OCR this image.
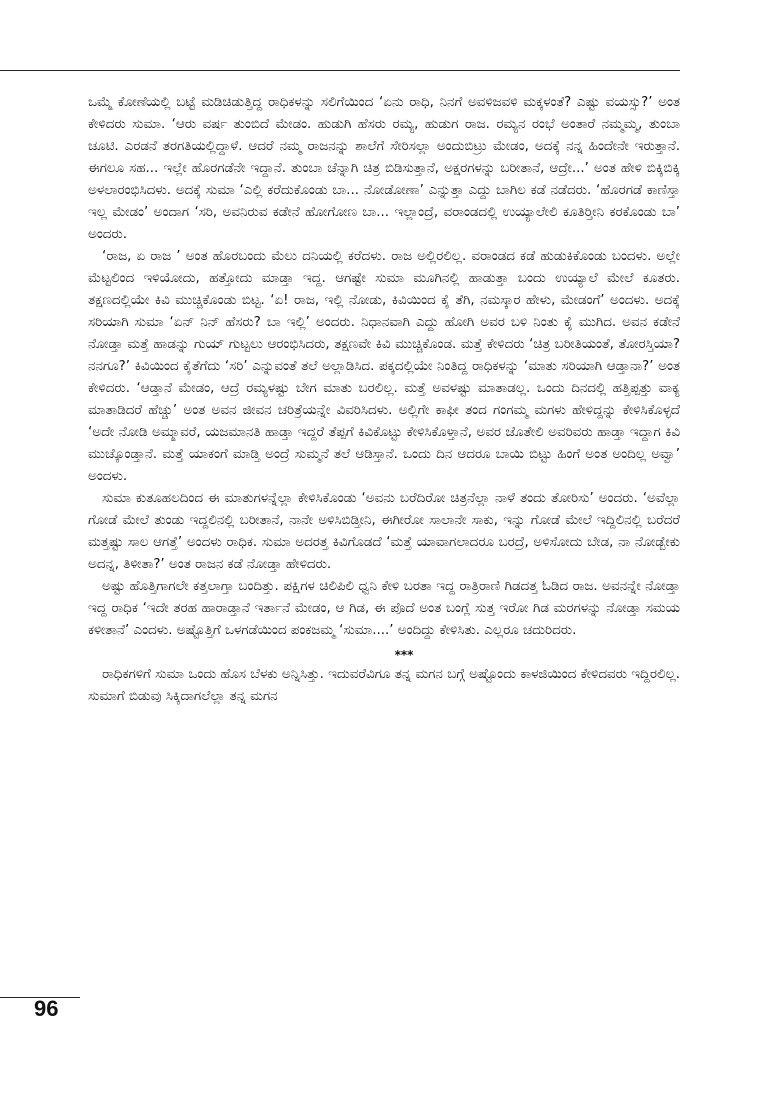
ಒಮ್ಮೆ ಕೋಣೆಯಲ್ಲಿ ಬಟ್ಟೆ ಮಡಿಚಿಡುತ್ತಿದ್ದ ರಾಧಿಕಳನ್ನು ಸಲಿಗೆಯಿಂದ ‘ಏನು ರಾಧಿ, ನಿನಗೆ ಅವಳಿಜವಳಿ ಮಕ್ಕಳಂತೆ? ಎಷ್ಟು ವಯಸ್ಸು?’ ಅಂತ ಕೇಳಿದರು ಸುಮಾ. ‘ಆರು ವರ್ಷ ತುಂಬಿದೆ ಮೇಡಂ. ಹುಡುಗಿ ಹೆಸರು ರಮ್ಯ, ಹುಡುಗ ರಾಜ. ರಮ್ಯನ ರಂಭೆ ಅಂತಾರೆ ನಮ್ಮಮ್ಮ, ತುಂಬಾ ಚೂಟಿ. ಎರಡನೆ ತರಗತಿಯಲ್ಲಿದ್ದಾಳೆ. ಆದರೆ ನಮ್ಮ ರಾಜನನ್ನು ಶಾಲೆಗೆ ಸೇರಿಸಲ್ಲಾ ಅಂದುಬಿಟ್ರು ಮೇಡಂ, ಅದಕ್ಕೆ ನನ್ನ ಹಿಂದೇನೇ ಇರುತ್ತಾನೆ. ಈಗಲೂ ಸಹ... ಇಲ್ಲೇ ಹೊರಗಡೆನೇ ಇದ್ದಾನೆ. ತುಂಬಾ ಚೆನ್ನಾಗಿ ಚಿತ್ರ ಬಿಡಿಸುತ್ತಾನೆ, ಅಕ್ಷರಗಳನ್ನು ಬರೀತಾನೆ, ಆದ್ರೇ...’ ಅಂತ ಹೇಳಿ ಬಿಕ್ಕಿಬಿಕ್ಕಿ ಅಳಲಾರಂಭಿಸಿದಳು. ಅದಕ್ಕೆ ಸುಮಾ ‘ಎಲ್ಲಿ ಕರೆದುಕೊಂಡು ಬಾ... ನೋಡೋಣಾ’ ಎನ್ನುತ್ತಾ ಎದ್ದು ಬಾಗಿಲ ಕಡೆ ನಡೆದರು. ‘ಹೊರಗಡೆ ಕಾಣಿಸ್ತಾ ಇಲ್ಲ ಮೇಡಂ’ ಅಂದಾಗ ‘ಸರಿ, ಅವನಿರುವ ಕಡೇನೆ ಹೋಗೋಣ ಬಾ... ಇಲ್ಲಾಂದ್ರೆ, ವರಾಂಡದಲ್ಲಿ ಉಯ್ಯಾಲೇಲಿ ಕೂತಿರ್‍ತೀನಿ ಕರಕೊಂಡು ಬಾ’ ಅಂದರು.

‘ರಾಜ, ಏ ರಾಜ ’ ಅಂತ ಹೊರಬಂದು ಮೆಲು ದನಿಯಲ್ಲಿ ಕರೆದಳು. ರಾಜ ಅಲ್ಲಿರಲಿಲ್ಲ. ವರಾಂಡದ ಕಡೆ ಹುಡುಕಿಕೊಂಡು ಬಂದಳು. ಅಲ್ಲೇ ಮೆಟ್ಟಲಿಂದ ಇಳಿಯೋದು, ಹತ್ತೋದು ಮಾಡ್ತಾ ಇದ್ದ. ಆಗಷ್ಟೇ ಸುಮಾ ಮೂಗಿನಲ್ಲಿ ಹಾಡುತ್ತಾ ಬಂದು ಉಯ್ಯಾಲೆ ಮೇಲೆ ಕೂತರು. ತಕ್ಷಣದಲ್ಲಿಯೇ ಕಿವಿ ಮುಚ್ಚಿಕೊಂಡು ಬಿಟ್ಟ. ‘ಏ! ರಾಜ, ಇಲ್ಲಿ ನೋಡು, ಕಿವಿಯಿಂದ ಕೈ ತೆಗಿ, ನಮಸ್ಕಾರ ಹೇಳು, ಮೇಡಂಗೆ’ ಅಂದಳು. ಅದಕ್ಕೆ ಸರಿಯಾಗಿ ಸುಮಾ ‘ಏನ್ ನಿನ್ ಹೆಸರು? ಬಾ ಇಲ್ಲಿ’ ಅಂದರು. ನಿಧಾನವಾಗಿ ಎದ್ದು ಹೋಗಿ ಅವರ ಬಳಿ ನಿಂತು ಕೈ ಮುಗಿದ. ಅವನ ಕಡೇನೆ ನೋಡ್ತಾ ಮತ್ತೆ ಹಾಡನ್ನು ಗುಯ್ ಗುಟ್ಟಲು ಆರಂಭಿಸಿದರು, ತಕ್ಷಣವೇ ಕಿವಿ ಮುಚ್ಚಿಕೊಂಡ. ಮತ್ತೆ ಕೇಳಿದರು ‘ಚಿತ್ರ ಬರೀತಿಯಂತೆ, ತೋರಸ್ತಿಯಾ? ನನಗೂ?’ ಕಿವಿಯಿಂದ ಕೈತೆಗೆದು ‘ಸರಿ’ ಎನ್ನುವಂತೆ ತಲೆ ಅಲ್ಲಾಡಿಸಿದ. ಪಕ್ಕದಲ್ಲಿಯೇ ನಿಂತಿದ್ದ ರಾಧಿಕಳನ್ನು ‘ಮಾತು ಸರಿಯಾಗಿ ಆಡ್ತಾನಾ?’ ಅಂತ ಕೇಳಿದರು. ‘ಆಡ್ತಾನೆ ಮೇಡಂ, ಆದ್ರೆ ರಮ್ಯಳಷ್ಟು ಬೇಗ ಮಾತು ಬರಲಿಲ್ಲ. ಮತ್ತೆ ಅವಳಷ್ಟು ಮಾತಾಡಲ್ಲ. ಒಂದು ದಿನದಲ್ಲಿ ಹತ್ತಿಪ್ಪತ್ತು ವಾಕ್ಯ ಮಾತಾಡಿದರೆ ಹೆಚ್ಚು’ ಅಂತ ಅವನ ಜೀವನ ಚರಿತ್ರೆಯನ್ನೇ ವಿವರಿಸಿದಳು. ಅಲ್ಲಿಗೇ ಕಾಫೀ ತಂದ ಗಂಗಮ್ಮ ಮಗಳು ಹೇಳಿದ್ದನ್ನು ಕೇಳಿಸಿಕೊಳ್ಳದೆ ‘ಅದೇ ನೋಡಿ ಅಮ್ಮಾವರೆ, ಯಜಮಾನತಿ ಹಾಡ್ತಾ ಇದ್ದರೆ ತೆಪ್ಪಗೆ ಕಿವಿಕೊಟ್ಟು ಕೇಳಿಸಿಕೊಳ್ತಾನೆ, ಅವರ ಜೊತೇಲಿ ಅವರಿವರು ಹಾಡ್ತಾ ಇದ್ದಾಗ ಕಿವಿ ಮುಚ್ಕೊಂಡ್ತಾನೆ. ಮತ್ತೆ ಯಾಕಂಗೆ ಮಾಡ್ತಿ ಅಂದ್ರೆ ಸುಮ್ಮನೆ ತಲೆ ಆಡಿಸ್ತಾನೆ. ಒಂದು ದಿನ ಆದರೂ ಬಾಯಿ ಬಿಟ್ಟು ಹಿಂಗೆ ಅಂತ ಅಂದಿಲ್ಲ ಅವ್ವಾ’ ಅಂದಳು.

ಸುಮಾ ಕುತೂಹಲದಿಂದ ಈ ಮಾತುಗಳನ್ನೆಲ್ಲಾ ಕೇಳಿಸಿಕೊಂಡು ‘ಅವನು ಬರೆದಿರೋ ಚಿತ್ರನೆಲ್ಲಾ ನಾಳೆ ತಂದು ತೋರಿಸು’ ಅಂದರು. ‘ಅವೆಲ್ಲಾ ಗೋಡೆ ಮೇಲೆ ತುಂಡು ಇದ್ದಲಿನಲ್ಲಿ ಬರೀತಾನೆ, ನಾನೇ ಅಳಿಸಿಬಿಡ್ತೀನಿ, ಈಗೀರೋ ಸಾಲಾನೇ ಸಾಕು, ಇನ್ನು ಗೋಡೆ ಮೇಲೆ ಇದ್ದಿಲಿನಲ್ಲಿ ಬರೆದರೆ ಮತ್ತಷ್ಟು ಸಾಲ ಆಗತ್ತೆ’ ಅಂದಳು ರಾಧಿಕ. ಸುಮಾ ಅದರತ್ತ ಕಿವಿಗೊಡದೆ ‘ಮತ್ತೆ ಯಾವಾಗಲಾದರೂ ಬರದ್ರೆ, ಅಳಿಸೋದು ಬೇಡ, ನಾ ನೋಡ್ಬೇಕು ಅದನ್ನ, ತಿಳೀತಾ?’ ಅಂತ ರಾಜನ ಕಡೆ ನೋಡ್ತಾ ಹೇಳಿದರು.

ಅಷ್ಟು ಹೊತ್ತಿಗಾಗಲೇ ಕತ್ತಲಾಗ್ತಾ ಬಂದಿತ್ತು. ಪಕ್ಷಿಗಳ ಚಿಲಿಪಿಲಿ ಧ್ವನಿ ಕೇಳಿ ಬರತಾ ಇದ್ದ ರಾತ್ರಿರಾಣಿ ಗಿಡದತ್ತ ಓಡಿದ ರಾಜ. ಅವನನ್ನೇ ನೋಡ್ತಾ ಇದ್ದ ರಾಧಿಕ ‘ಇದೇ ತರಹ ಹಾರಾಡ್ತಾನೆ ಇರ್ತಾನೆ ಮೇಡಂ, ಆ ಗಿಡ, ಈ ಪೊದೆ ಅಂತ ಬಂಗ್ಲೆ ಸುತ್ತ ಇರೋ ಗಿಡ ಮರಗಳನ್ನು ನೋಡ್ತಾ ಸಮಯ ಕಳೀತಾನೆ’ ಎಂದಳು. ಅಷ್ಟೊತ್ತಿಗೆ ಒಳಗಡೆಯಿಂದ ಪಂಕಜಮ್ಮ ‘ಸುಮಾ....’ ಅಂದಿದ್ದು ಕೇಳಿಸಿತು. ಎಲ್ಲರೂ ಚದುರಿದರು.

***

ರಾಧಿಕಗಳಿಗೆ ಸುಮಾ ಒಂದು ಹೊಸ ಬೆಳಕು ಅನ್ನಿಸಿತ್ತು. ಇದುವರೆವಿಗೂ ತನ್ನ ಮಗನ ಬಗ್ಗೆ ಅಷ್ಟೊಂದು ಕಾಳಜಿಯಿಂದ ಕೇಳಿದವರು ಇದ್ದಿರಲಿಲ್ಲ. ಸುಮಾಗೆ ಬಿಡುವು ಸಿಕ್ಕಿದಾಗಲೆಲ್ಲಾ ತನ್ನ ಮಗನ

96
